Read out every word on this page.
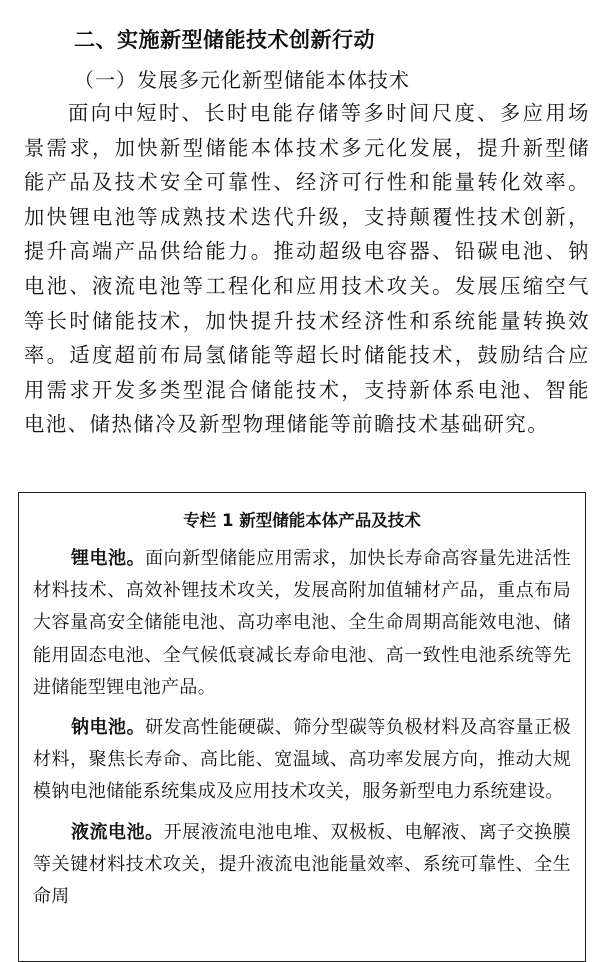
二、实施新型储能技术创新行动
（一）发展多元化新型储能本体技术

面向中短时、长时电能存储等多时间尺度、多应用场景需求，加快新型储能本体技术多元化发展，提升新型储能产品及技术安全可靠性、经济可行性和能量转化效率。加快锂电池等成熟技术迭代升级，支持颠覆性技术创新，提升高端产品供给能力。推动超级电容器、铅碳电池、钠电池、液流电池等工程化和应用技术攻关。发展压缩空气等长时储能技术，加快提升技术经济性和系统能量转换效率。适度超前布局氢储能等超长时储能技术，鼓励结合应用需求开发多类型混合储能技术，支持新体系电池、智能电池、储热储冷及新型物理储能等前瞻技术基础研究。

专栏 1 新型储能本体产品及技术

锂电池。面向新型储能应用需求，加快长寿命高容量先进活性材料技术、高效补锂技术攻关，发展高附加值辅材产品，重点布局大容量高安全储能电池、高功率电池、全生命周期高能效电池、储能用固态电池、全气候低衰减长寿命电池、高一致性电池系统等先进储能型锂电池产品。

钠电池。研发高性能硬碳、筛分型碳等负极材料及高容量正极材料，聚焦长寿命、高比能、宽温域、高功率发展方向，推动大规模钠电池储能系统集成及应用技术攻关，服务新型电力系统建设。

液流电池。开展液流电池电堆、双极板、电解液、离子交换膜等关键材料技术攻关，提升液流电池能量效率、系统可靠性、全生命周
